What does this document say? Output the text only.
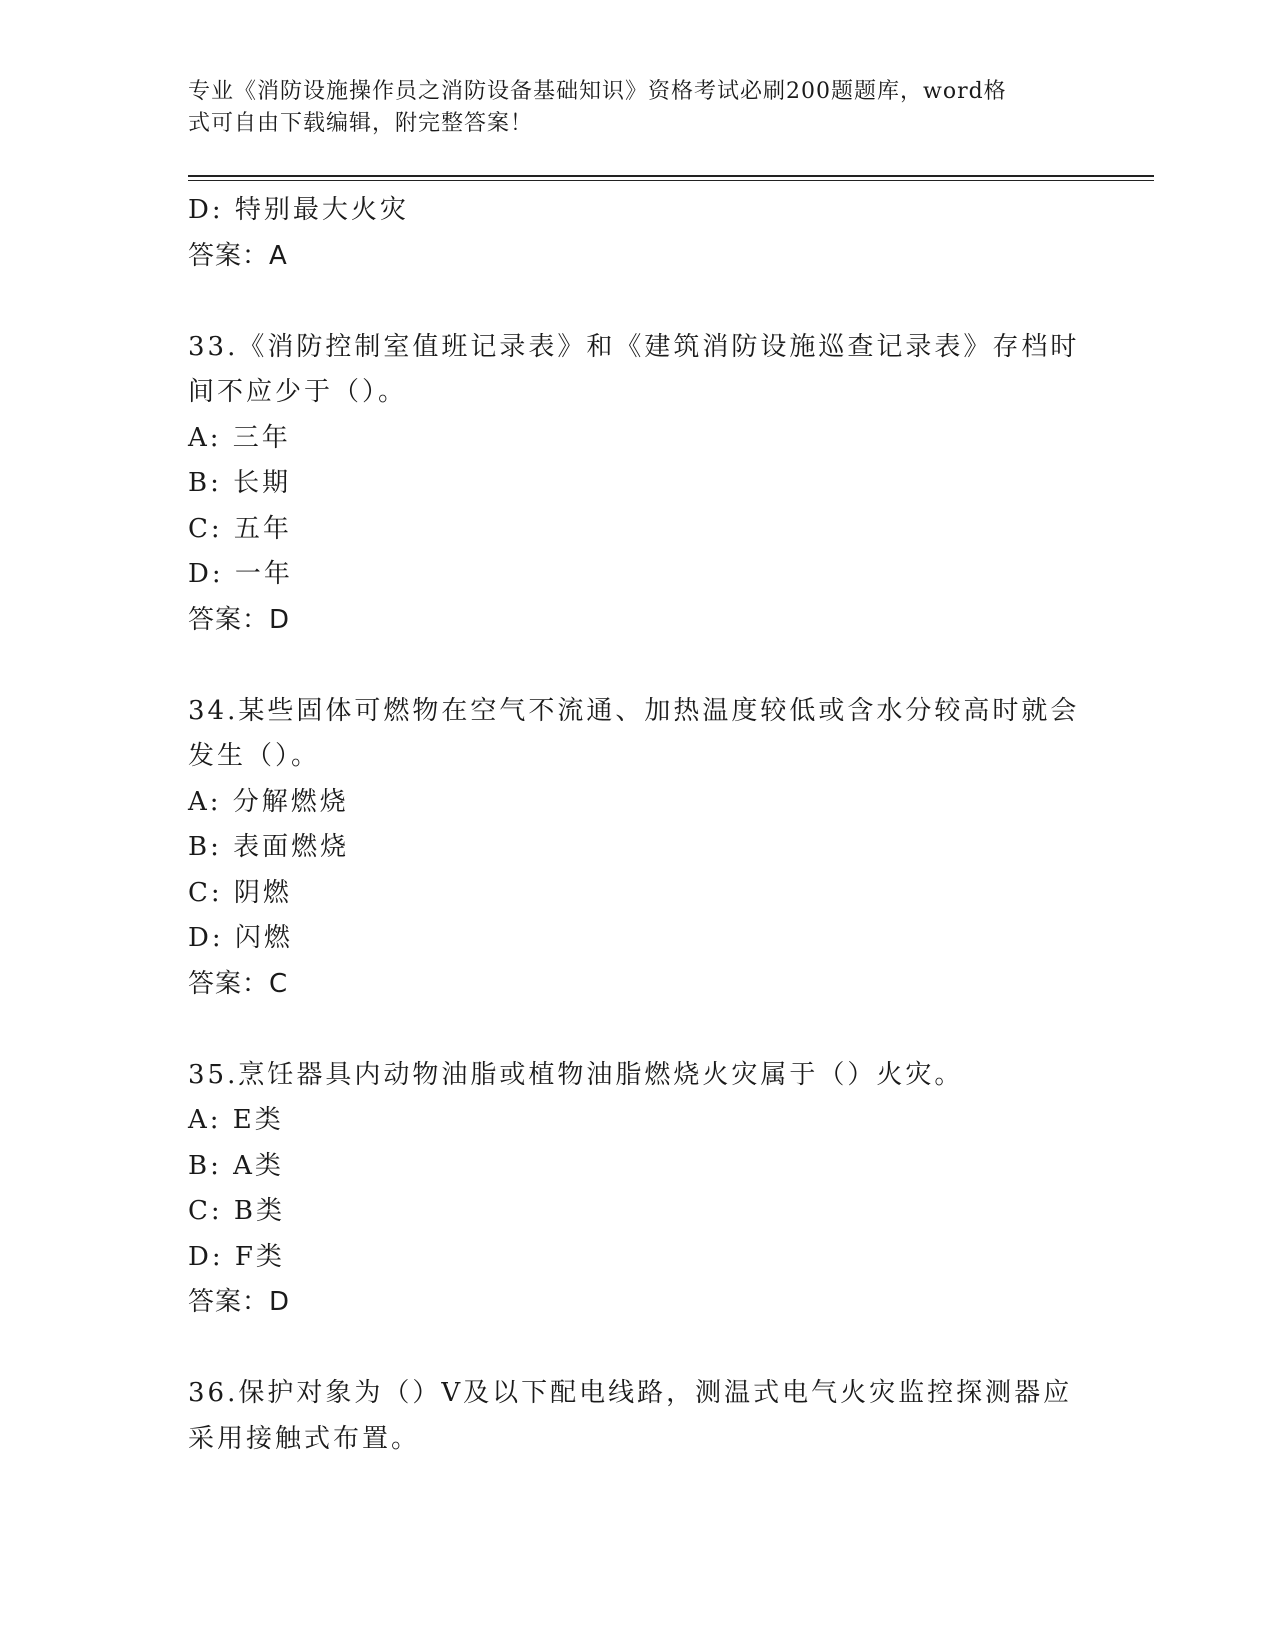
专业《消防设施操作员之消防设备基础知识》资格考试必刷200题题库，word格
式可自由下载编辑，附完整答案！
D: 特别最大火灾
答案：A
33.《消防控制室值班记录表》和《建筑消防设施巡查记录表》存档时
间不应少于（）。
A: 三年
B: 长期
C: 五年
D: 一年
答案：D
34.某些固体可燃物在空气不流通、加热温度较低或含水分较高时就会
发生（）。
A: 分解燃烧
B: 表面燃烧
C: 阴燃
D: 闪燃
答案：C
35.烹饪器具内动物油脂或植物油脂燃烧火灾属于（）火灾。
A: E类
B: A类
C: B类
D: F类
答案：D
36.保护对象为（）V及以下配电线路，测温式电气火灾监控探测器应
采用接触式布置。
